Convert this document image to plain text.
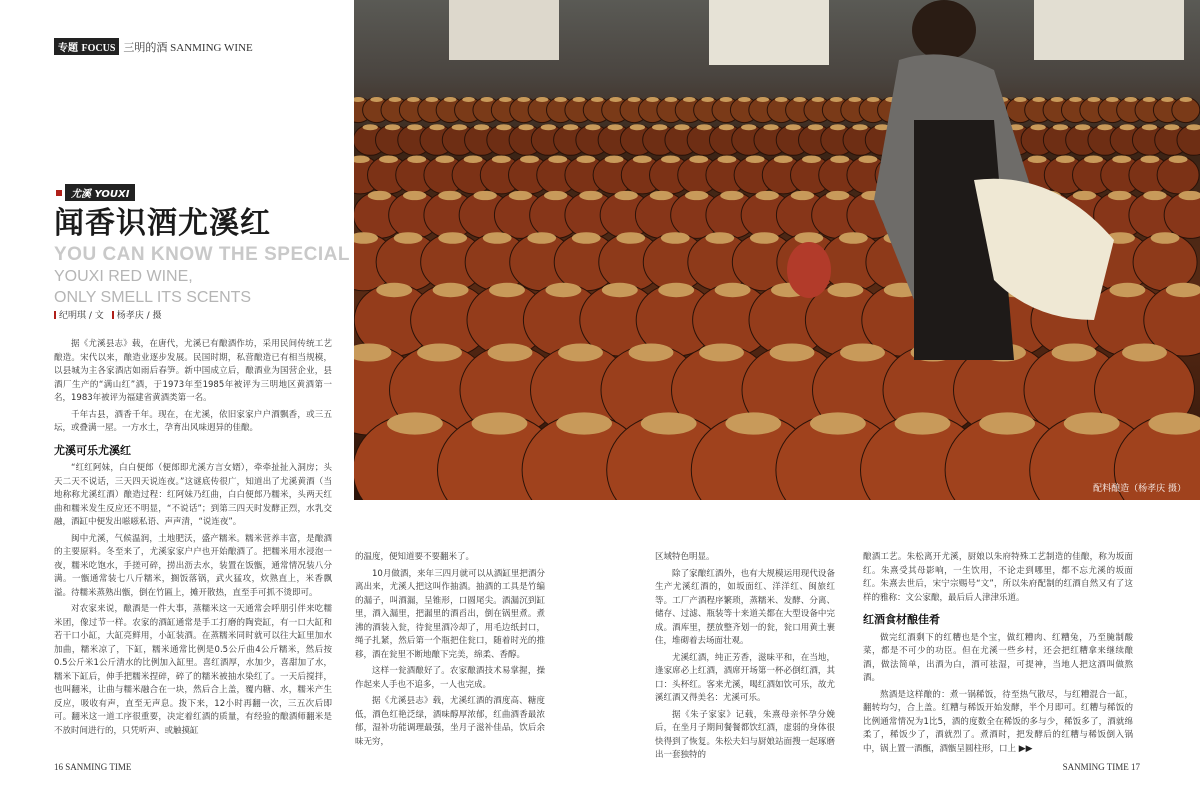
专题 FOCUS 三明的酒 SANMING WINE
尤溪 YOUXI
闻香识酒尤溪红
YOU CAN KNOW THE SPECIAL
YOUXI RED WINE,
ONLY SMELL ITS SCENTS
纪明琪 / 文	杨孝庆 / 摄

据《尤溪县志》载，在唐代，尤溪已有酿酒作坊，采用民间传统工艺酿造。宋代以来，酿造业逐步发展。民国时期，私营酿造已有相当规模，以县城为主各家酒店如雨后春笋。新中国成立后，酿酒业为国营企业，县酒厂生产的“满山红”酒，于1973年至1985年被评为三明地区黄酒第一名，1983年被评为福建省黄酒类第一名。

千年古县，酒香千年。现在，在尤溪，依旧家家户户酒飘香，或三五坛，或叠满一屋。一方水土，孕育出风味迥异的佳酿。

尤溪可乐尤溪红

“红红阿妹，白白便郎（便郎即尤溪方言女婿），牵牵扯扯入洞房；头天二天不说话，三天四天说连夜。”这谜底传很广，知道出了尤溪黄酒（当地称称尤溪红酒）酿造过程：红阿妹乃红曲，白白便郎乃糯米，头两天红曲和糯米发生反应还不明显，“不说话”；到第三四天时发酵正烈，水乳交融，酒缸中便发出嗞嗞私语、声声清，“说连夜”。

闽中尤溪，气候温润，土地肥沃，盛产糯米。糯米营养丰富，是酿酒的主要原料。冬至来了，尤溪家家户户也开始酿酒了。把糯米用水浸泡一夜，糯米吃饱水，手搓可碎，捞出沥去水，装置在饭甑，通常情况装八分满。一甑通常装七八斤糯米，搁饭落锅，武火猛攻，炊熟直上，米香飘溢。待糯米蒸熟出甑，倒在竹匾上，摊开散热，直至手可抓不烫即可。

对农家来说，酿酒是一件大事，蒸糯米这一天通常会呼朋引伴来吃糯米团，像过节一样。农家的酒缸通常是手工打磨的陶瓷缸，有一口大缸和若干口小缸，大缸亮鲜用，小缸装酒。在蒸糯米同时就可以往大缸里加水加曲，糯米凉了，下缸，糯米通常比例是0.5公斤曲4公斤糯米，然后按0.5公斤米1公斤清水的比例加入缸里。喜红酒厚，水加少，喜甜加了水，糯米下缸后，伸手把糯米捏碎，碎了的糯米被抽水染红了。一天后搅拌，也叫翻米，让曲与糯米融合在一块，然后合上盖，覆内糖、水，糯米产生反应，吸收有声，直至无声息。拨下来，12小时再翻一次，三五次后即可。翻米这一道工序很重要，决定着红酒的质量，有经验的酿酒师翻米是不放时间进行的，只凭听声、或触摸缸

的温度，便知道要不要翻米了。

10月做酒，来年三四月就可以从酒缸里把酒分离出来，尤溪人把这叫作抽酒。抽酒的工具是竹编的漏子，叫酒漏，呈锥形，口圆尾尖。酒漏沉到缸里，酒入漏里，把漏里的酒舀出，倒在锅里煮。煮沸的酒装入瓮，待瓮里酒冷却了，用毛边纸封口，绳子扎紧，然后第一个瓶把住瓮口，随着时光的推移，酒在瓮里不断地酿下完美，绵柔、香醇。

这样一瓮酒酿好了。农家酿酒技术易掌握，操作起来人手也不追多，一人也完成。

据《尤溪县志》载，尤溪红酒的酒度高、糖度低，酒色红艳泛绿，酒味醇厚浓郁，红曲酒香最浓郁，湿补功能调理最强，坐月子滋补佳品，饮后余味无穷，

16 SANMING TIME
配料酿造（杨孝庆 摄）

区域特色明显。

除了家酿红酒外，也有大规模运用现代设备生产尤溪红酒的，如坂面红、洋洋红、闽旅红等。工厂产酒程序繁琐，蒸糯米、发酵、分离、储存、过滤、瓶装等十来道关都在大型设备中完成。酒库里，摆放整齐划一的瓮，瓮口用黄土裹住，堆砌着去场面壮观。

尤溪红酒，纯正芳香，滋味平和，在当地，逢家席必上红酒，酒席开场第一杯必倒红酒，其口：头杯红。客来尤溪，喝红酒如饮可乐，故尤溪红酒又得美名：尤溪可乐。

据《朱子家家》记载，朱熹母亲怀孕分娩后，在坐月子期间餐餐都饮红酒，虚弱的身体很快得到了恢复。朱松夫妇与厨娘站面搜一起琢磨出一套独特的

酿酒工艺。朱松离开尤溪，厨娘以朱府特殊工艺制造的佳酿，称为坂面红。朱熹受其母影响，一生饮用，不论走到哪里，都不忘尤溪的坂面红。朱熹去世后，宋宁宗赐号“文”，所以朱府配制的红酒自然又有了这样的雅称：文公家酿，最后后人津津乐道。

红酒食材酿佳肴

做完红酒剩下的红糟也是个宝，做红糟肉、红糟兔，乃至腌制酸菜，都是不可少的功臣。但在尤溪一些乡村，还会把红糟拿来继续酿酒，做法简单，出酒为白，酒可祛湿，可提神，当地人把这酒叫做熬酒。

熬酒是这样酿的：煮一锅稀饭，待至热气散尽，与红糟混合一缸，翻转均匀，合上盖。红糟与稀饭开始发酵，半个月即可。红糟与稀饭的比例通常情况为1比5，酒的度数全在稀饭的多与少，稀饭多了，酒就绵柔了，稀饭少了，酒就烈了。煮酒时，把发酵后的红糟与稀饭倒入锅中，锅上置一酒甑，酒甑呈圆柱形，口上 ▶▶

SANMING TIME 17
